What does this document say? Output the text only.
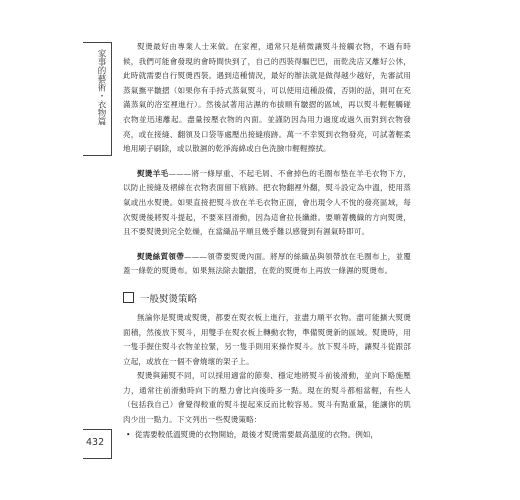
家事的藝術・衣物篇
432

熨燙最好由專業人士來做。在家裡，通常只是稍微讓熨斗接觸衣物，不過有時候，我們可能會發現的會時間快到了，自己的西裝得驅巴巴，而乾洗店又離好公休，此時就需要自行熨燙西裝。遇到這種情況，最好的辦法就是做得越少越好，先審試用蒸氣撫平皺摺（如果你有手持式蒸氣熨斗，可以使用這種設備，否則的話，則可在充滿蒸氣的浴室裡進行）。然後試著用沾濕的布拔順有皺摺的區域，再以熨斗輕輕觸碰衣物並迅速離起。盡量按壓衣物的內面。並謹防因為用力過度或過久而對到衣物發亮，或在接縫、翻領及口袋等處壓出接縫痕跡。萬一不幸熨到衣物發亮，可試著輕柔地用刷子刷除，或以散濕的乾淨海綿或白色洗臉巾輕輕擦拭。

熨燙羊毛———將一條厚重、不起毛屑、不會掉色的毛圈布墊在羊毛衣物下方，以防止接縫及褶線在衣物表面留下痕跡。把衣物翻裡外翻，熨斗設定為中溫，使用蒸氣或出水熨燙。如果直接把熨斗放在羊毛衣物正面，會出現令人不悅的發亮區域，每次熨燙後將熨斗提起，不要來回滑動，因為這會拉長纖維。要順著機織的方向熨燙，且不要熨燙到完全乾燥，在當織品平順且幾乎難以感覺到有濕氣時即可。

熨燙絲質領帶———領帶要熨燙內面。將厚的絲織品與領帶放在毛圈布上，並覆蓋一條乾的熨燙布。如果無法除去皺摺，在乾的熨燙布上再放一條濕的熨燙布。

一般熨燙策略

無論你是熨燙或熨燙，都要在熨衣板上進行，並盡力順平衣物。盡可能擴大熨燙面積，然後放下熨斗，用雙手在熨衣板上轉動衣物，準備熨燙新的區域。熨燙時，用一隻手握住熨斗衣物並拉緊，另一隻手則用來操作熨斗。放下熨斗時，讓熨斗從跟部立起，或放在一個不會燒壞的架子上。

熨燙與鋪熨不同，可以採用適當的節奏、穩定地將熨斗前後滑動，並向下略施壓力，通常往前滑動時向下的壓力會比向後時多一點。現在的熨斗都相當輕，有些人（包括我自己）會覺得較重的熨斗提起來反而比較容易。熨斗有點重量，能讓你的肌肉少出一點力。下文列出一些熨燙策略：

• 從需要較低溫熨燙的衣物開始，最後才熨燙需要最高溫度的衣物。例如，
